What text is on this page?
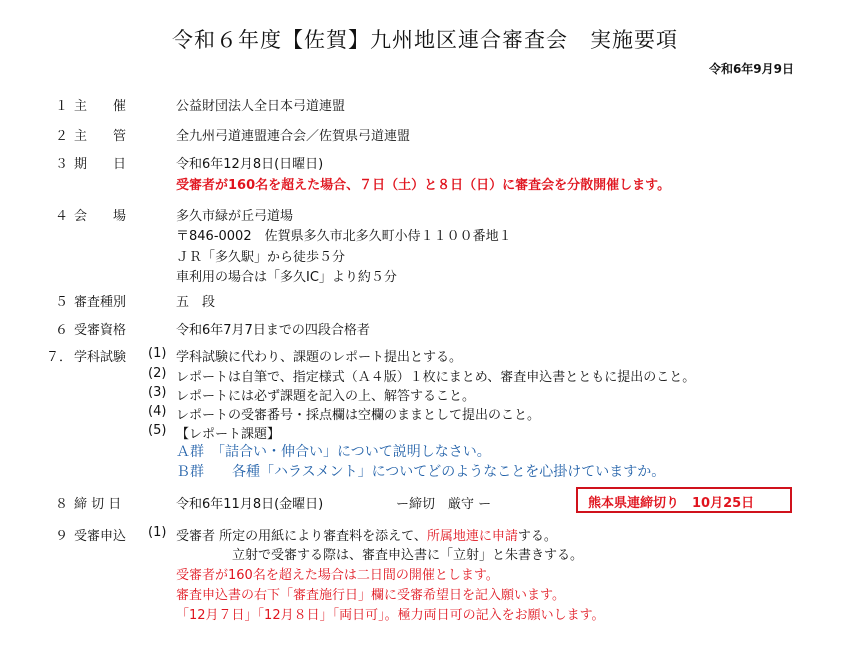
令和６年度【佐賀】九州地区連合審査会　実施要項
令和6年9月9日
１ 主　　催	公益財団法人全日本弓道連盟
２ 主　　管	全九州弓道連盟連合会／佐賀県弓道連盟
３ 期　　日	令和6年12月8日(日曜日)
受審者が160名を超えた場合、７日（土）と８日（日）に審査会を分散開催します。
４ 会　　場	多久市緑が丘弓道場
〒846-0002　佐賀県多久市北多久町小侍１１００番地１
ＪＲ「多久駅」から徒歩５分
車利用の場合は「多久IC」より約５分
５ 審査種別	五　段
６ 受審資格	令和6年7月7日までの四段合格者
７． 学科試験 (1) 学科試験に代わり、課題のレポート提出とする。
(2) レポートは自筆で、指定様式（Ａ４版）１枚にまとめ、審査申込書とともに提出のこと。
(3) レポートには必ず課題を記入の上、解答すること。
(4) レポートの受審番号・採点欄は空欄のままとして提出のこと。
(5) 【レポート課題】
Ａ群　「詰合い・伸合い」について説明しなさい。
Ｂ群　　各種「ハラスメント」についてどのようなことを心掛けていますか。
８ 締 切 日	令和6年11月8日(金曜日)	ー締切　厳守 ー	熊本県連締切り　10月25日
９ 受審申込 (1) 受審者 所定の用紙により審査料を添えて、所属地連に申請する。
立射で受審する際は、審査申込書に「立射」と朱書きする。
受審者が160名を超えた場合は二日間の開催とします。
審査申込書の右下「審査施行日」欄に受審希望日を記入願います。
「12月７日」「12月８日」「両日可」。極力両日可の記入をお願いします。
